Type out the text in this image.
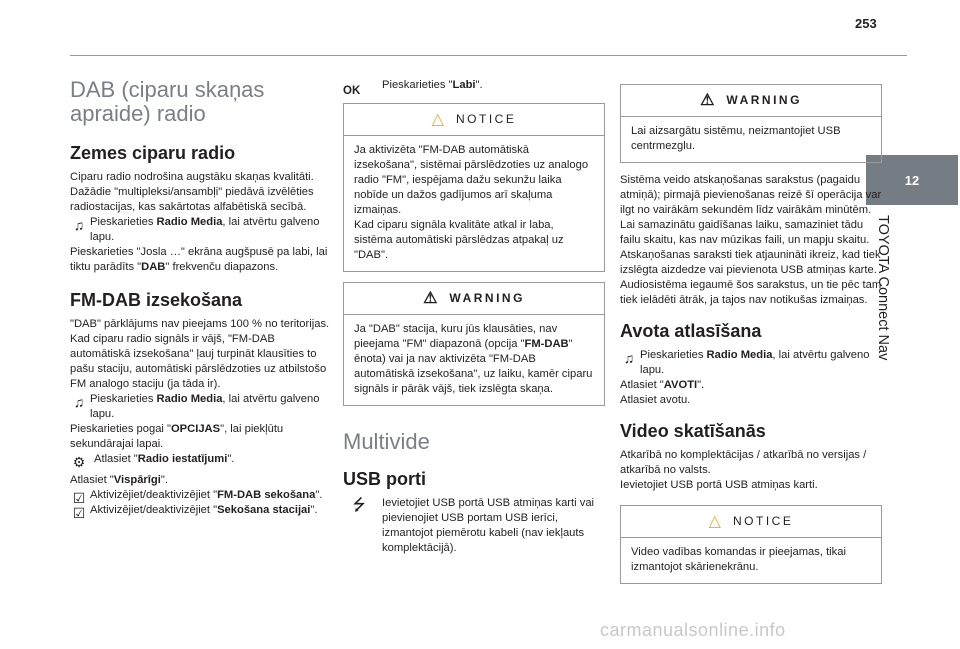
253
12
TOYOTA Connect Nav
DAB (ciparu skaņas apraide) radio
Zemes ciparu radio

Ciparu radio nodrošina augstāku skaņas kvalitāti.

Dažādie "multipleksi/ansambļi" piedāvā izvēlēties radiostacijas, kas sakārtotas alfabētiskā secībā.

♫ Pieskarieties Radio Media, lai atvērtu galveno lapu.

Pieskarieties "Josla …" ekrāna augšpusē pa labi, lai tiktu parādīts "DAB" frekvenču diapazons.

FM-DAB izsekošana

"DAB" pārklājums nav pieejams 100 % no teritorijas.

Kad ciparu radio signāls ir vājš, "FM-DAB automātiskā izsekošana" ļauj turpināt klausīties to pašu staciju, automātiski pārslēdzoties uz atbilstošo FM analogo staciju (ja tāda ir).

♫ Pieskarieties Radio Media, lai atvērtu galveno lapu.

Pieskarieties pogai "OPCIJAS", lai piekļūtu sekundārajai lapai.

⚙ Atlasiet "Radio iestatījumi".

Atlasiet "Vispārīgi".

☑ Aktivizējiet/deaktivizējiet "FM-DAB sekošana".
☑ Aktivizējiet/deaktivizējiet "Sekošana stacijai".
OK Pieskarieties "Labi".
△ NOTICE

Ja aktivizēta "FM-DAB automātiskā izsekošana", sistēmai pārslēdzoties uz analogo radio "FM", iespējama dažu sekunžu laika nobīde un dažos gadījumos arī skaļuma izmaiņas.

Kad ciparu signāla kvalitāte atkal ir laba, sistēma automātiski pārslēdzas atpakaļ uz "DAB".

⚠ WARNING

Ja "DAB" stacija, kuru jūs klausāties, nav pieejama "FM" diapazonā (opcija "FM-DAB" ēnota) vai ja nav aktivizēta "FM-DAB automātiskā izsekošana", uz laiku, kamēr ciparu signāls ir pārāk vājš, tiek izslēgta skaņa.

Multivide
USB porti
⭍	Ievietojiet USB portā USB atmiņas karti vai pievienojiet USB portam USB ierīci, izmantojot piemērotu kabeli (nav iekļauts komplektācijā).
⚠ WARNING

Lai aizsargātu sistēmu, neizmantojiet USB centrmezglu.

Sistēma veido atskaņošanas sarakstus (pagaidu atmiņā); pirmajā pievienošanas reizē šī operācija var ilgt no vairākām sekundēm līdz vairākām minūtēm.

Lai samazinātu gaidīšanas laiku, samaziniet tādu failu skaitu, kas nav mūzikas faili, un mapju skaitu.

Atskaņošanas saraksti tiek atjaunināti ikreiz, kad tiek izslēgta aizdedze vai pievienota USB atmiņas karte. Audiosistēma iegaumē šos sarakstus, un tie pēc tam tiek ielādēti ātrāk, ja tajos nav notikušas izmaiņas.

Avota atlasīšana
♫ Pieskarieties Radio Media, lai atvērtu galveno lapu.

Atlasiet "AVOTI".

Atlasiet avotu.

Video skatīšanās

Atkarībā no komplektācijas / atkarībā no versijas / atkarībā no valsts.

Ievietojiet USB portā USB atmiņas karti.

△ NOTICE

Video vadības komandas ir pieejamas, tikai izmantojot skārienekrānu.

carmanualsonline.info
